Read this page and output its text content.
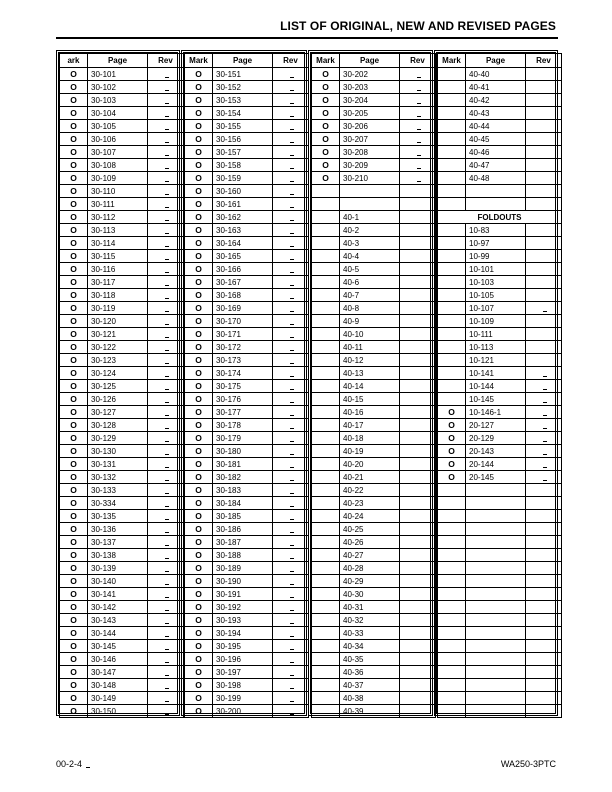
LIST OF ORIGINAL, NEW AND REVISED PAGES
ark	Page	Rev
O	30-101	

O	30-102	

O	30-103	

O	30-104	

O	30-105	

O	30-106	

O	30-107	

O	30-108	

O	30-109	

O	30-110	

O	30-111	

O	30-112	

O	30-113	

O	30-114	

O	30-115	

O	30-116	

O	30-117	

O	30-118	

O	30-119	

O	30-120	

O	30-121	

O	30-122	

O	30-123	

O	30-124	

O	30-125	

O	30-126	

O	30-127	

O	30-128	

O	30-129	

O	30-130	

O	30-131	

O	30-132	

O	30-133	

O	30-334	

O	30-135	

O	30-136	

O	30-137	

O	30-138	

O	30-139	

O	30-140	

O	30-141	

O	30-142	

O	30-143	

O	30-144	

O	30-145	

O	30-146	

O	30-147	

O	30-148	

O	30-149	

O	30-150	
Mark	Page	Rev
O	30-151	

O	30-152	

O	30-153	

O	30-154	

O	30-155	

O	30-156	

O	30-157	

O	30-158	

O	30-159	

O	30-160	

O	30-161	

O	30-162	

O	30-163	

O	30-164	

O	30-165	

O	30-166	

O	30-167	

O	30-168	

O	30-169	

O	30-170	

O	30-171	

O	30-172	

O	30-173	

O	30-174	

O	30-175	

O	30-176	

O	30-177	

O	30-178	

O	30-179	

O	30-180	

O	30-181	

O	30-182	

O	30-183	

O	30-184	

O	30-185	

O	30-186	

O	30-187	

O	30-188	

O	30-189	

O	30-190	

O	30-191	

O	30-192	

O	30-193	

O	30-194	

O	30-195	

O	30-196	

O	30-197	

O	30-198	

O	30-199	

O	30-200	
Mark	Page	Rev
O	30-202	

O	30-203	

O	30-204	

O	30-205	

O	30-206	

O	30-207	

O	30-208	

O	30-209	

O	30-210	

	40-1	
	40-2	
	40-3	
	40-4	
	40-5	
	40-6	
	40-7	
	40-8	
	40-9	
	40-10	
	40-11	
	40-12	
	40-13	
	40-14	
	40-15	
	40-16	
	40-17	
	40-18	
	40-19	
	40-20	
	40-21	
	40-22	
	40-23	
	40-24	
	40-25	
	40-26	
	40-27	
	40-28	
	40-29	
	40-30	
	40-31	
	40-32	
	40-33	
	40-34	
	40-35	
	40-36	
	40-37	
	40-38	
	40-39	
Mark	Page	Rev
	40-40	
	40-41	
	40-42	
	40-43	
	40-44	
	40-45	
	40-46	
	40-47	
	40-48	

FOLDOUTS		
	10-83	
	10-97	
	10-99	
	10-101	
	10-103	
	10-105	
	10-107	

	10-109	
	10-111	
	10-113	
	10-121	
	10-141	

	10-144	

	10-145	

O	10-146-1	

O	20-127	

O	20-129	

O	20-143	

O	20-144	

O	20-145	

00-2-4	WA250-3PTC
